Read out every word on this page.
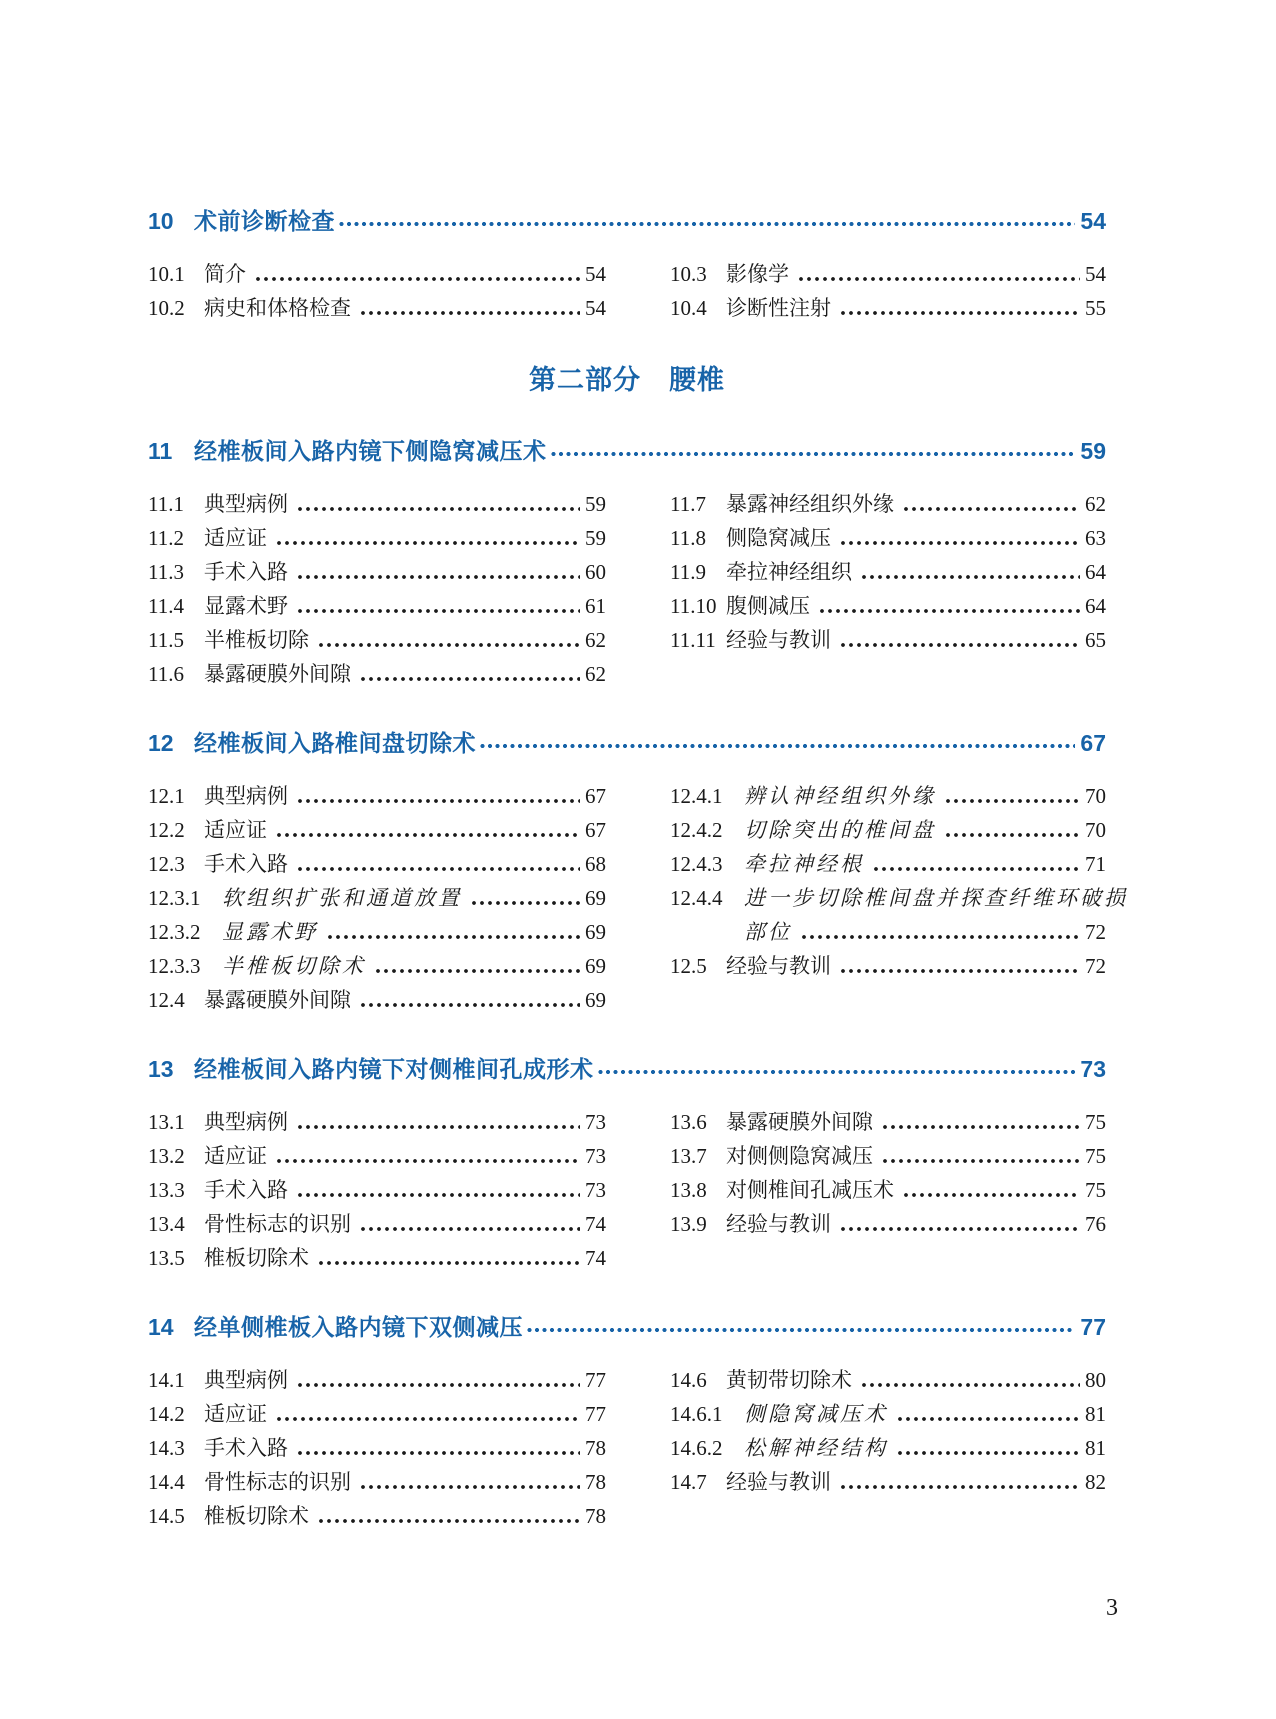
10 术前诊断检查	54
10.1 简介	54
10.2 病史和体格检查	54
10.3 影像学	54
10.4 诊断性注射	55
第二部分　腰椎
11 经椎板间入路内镜下侧隐窝减压术	59
11.1 典型病例	59
11.2 适应证	59
11.3 手术入路	60
11.4 显露术野	61
11.5 半椎板切除	62
11.6 暴露硬膜外间隙	62
11.7 暴露神经组织外缘	62
11.8 侧隐窝减压	63
11.9 牵拉神经组织	64
11.10 腹侧减压	64
11.11 经验与教训	65
12 经椎板间入路椎间盘切除术	67
12.1 典型病例	67
12.2 适应证	67
12.3 手术入路	68
12.3.1	软组织扩张和通道放置	69
12.3.2	显露术野	69
12.3.3	半椎板切除术	69
12.4 暴露硬膜外间隙	69
12.4.1	辨认神经组织外缘	70
12.4.2	切除突出的椎间盘	70
12.4.3	牵拉神经根	71
12.4.4	进一步切除椎间盘并探查纤维环破损
部位	72
12.5 经验与教训	72
13 经椎板间入路内镜下对侧椎间孔成形术	73
13.1 典型病例	73
13.2 适应证	73
13.3 手术入路	73
13.4 骨性标志的识别	74
13.5 椎板切除术	74
13.6 暴露硬膜外间隙	75
13.7 对侧侧隐窝减压	75
13.8 对侧椎间孔减压术	75
13.9 经验与教训	76
14 经单侧椎板入路内镜下双侧减压	77
14.1 典型病例	77
14.2 适应证	77
14.3 手术入路	78
14.4 骨性标志的识别	78
14.5 椎板切除术	78
14.6 黄韧带切除术	80
14.6.1	侧隐窝减压术	81
14.6.2	松解神经结构	81
14.7 经验与教训	82
3
